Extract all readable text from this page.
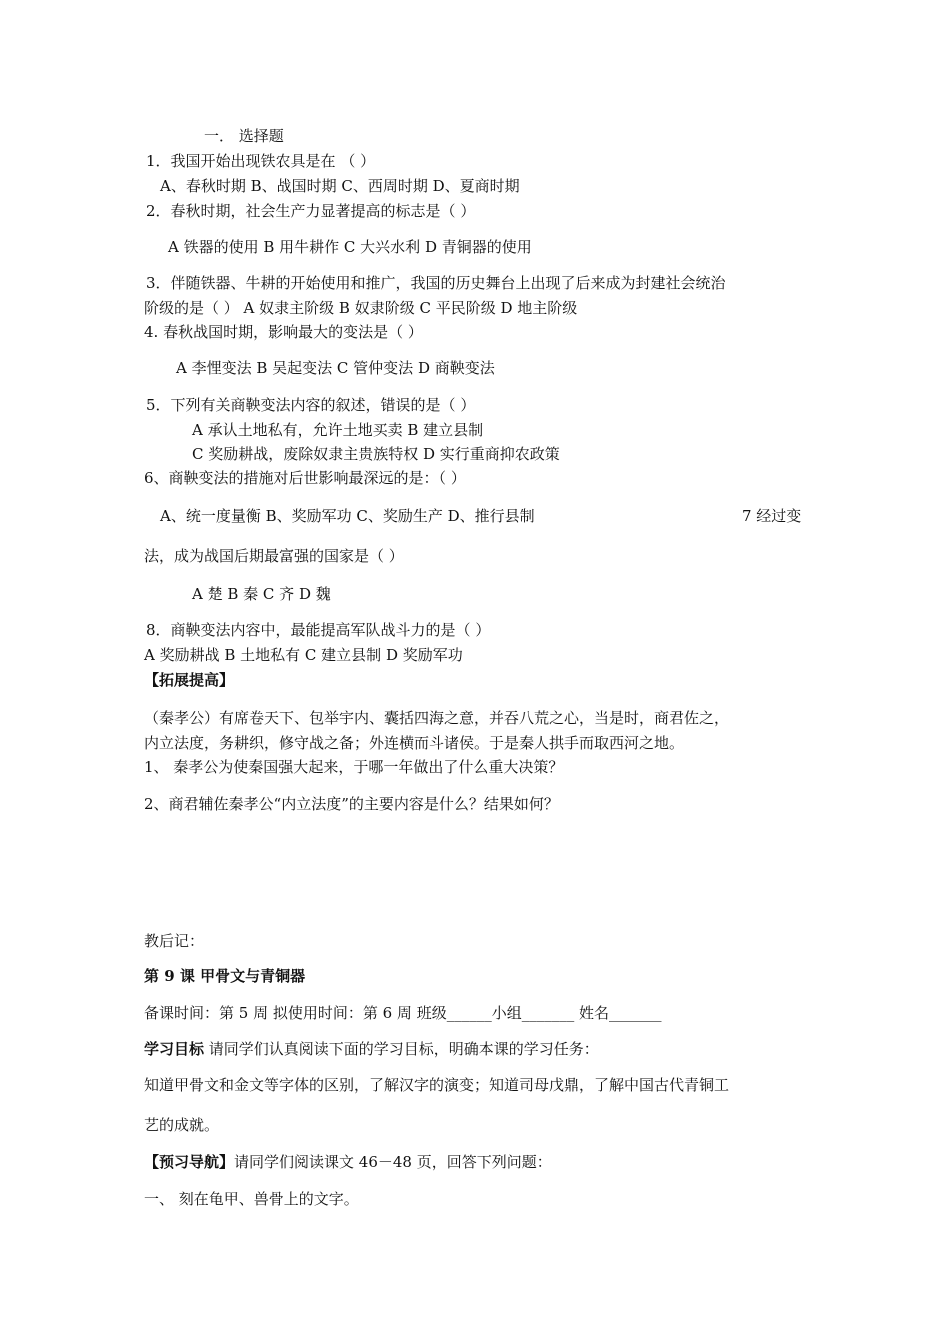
一． 选择题
1．我国开始出现铁农具是在 （ ）
A、春秋时期 B、战国时期 C、西周时期 D、夏商时期
2．春秋时期，社会生产力显著提高的标志是（ ）
A 铁器的使用 B 用牛耕作 C 大兴水利 D 青铜器的使用
3．伴随铁器、牛耕的开始使用和推广，我国的历史舞台上出现了后来成为封建社会统治
阶级的是（ ） A 奴隶主阶级 B 奴隶阶级 C 平民阶级 D 地主阶级
4. 春秋战国时期，影响最大的变法是（ ）
A 李悝变法 B 吴起变法 C 管仲变法 D 商鞅变法
5．下列有关商鞅变法内容的叙述，错误的是（ ）
A 承认土地私有，允许土地买卖 B 建立县制
C 奖励耕战，废除奴隶主贵族特权 D 实行重商抑农政策
6、商鞅变法的措施对后世影响最深远的是：（ ）
A、统一度量衡 B、奖励军功 C、奖励生产 D、推行县制	7 经过变
法，成为战国后期最富强的国家是（ ）
A 楚 B 秦 C 齐 D 魏
8．商鞅变法内容中，最能提高军队战斗力的是（ ）
A 奖励耕战 B 土地私有 C 建立县制 D 奖励军功
【拓展提高】
（秦孝公）有席卷天下、包举宇内、囊括四海之意，并吞八荒之心，当是时，商君佐之，
内立法度，务耕织，修守战之备；外连横而斗诸侯。于是秦人拱手而取西河之地。
1、 秦孝公为使秦国强大起来，于哪一年做出了什么重大决策？
2、商君辅佐秦孝公“内立法度”的主要内容是什么？结果如何？
教后记：
第 9 课 甲骨文与青铜器
备课时间：第 5 周 拟使用时间：第 6 周 班级______小组_______ 姓名_______
学习目标 请同学们认真阅读下面的学习目标，明确本课的学习任务：
知道甲骨文和金文等字体的区别，了解汉字的演变；知道司母戊鼎，了解中国古代青铜工
艺的成就。
【预习导航】请同学们阅读课文 46－48 页，回答下列问题：
一、 刻在龟甲、兽骨上的文字。
